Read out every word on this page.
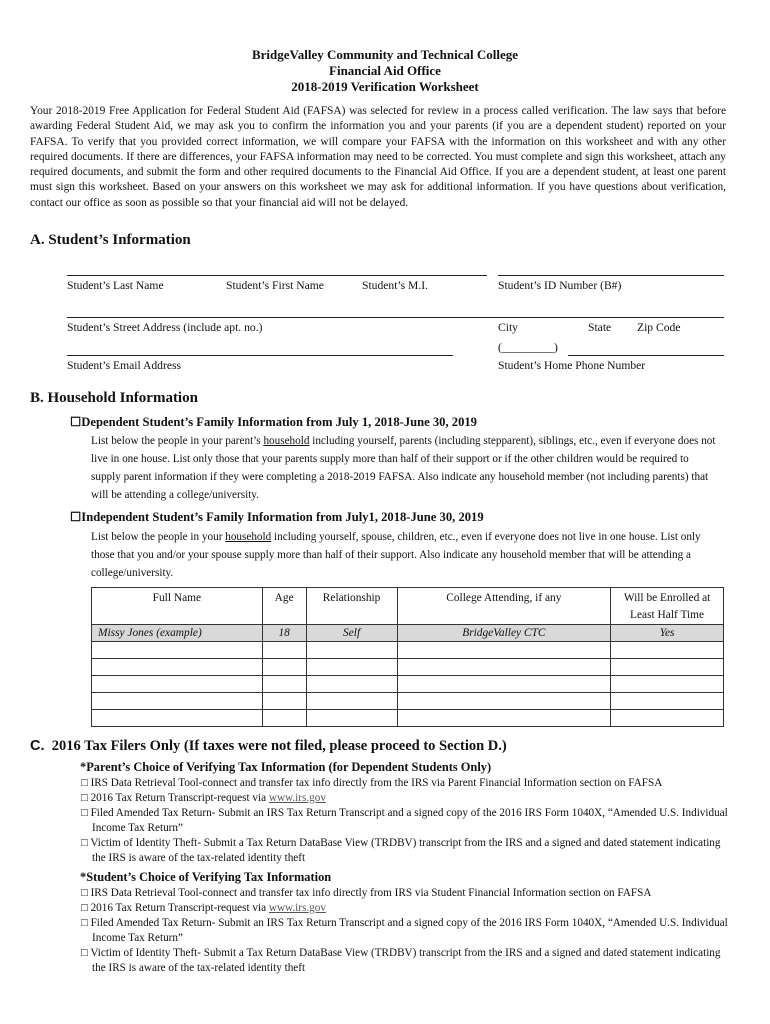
BridgeValley Community and Technical College
Financial Aid Office
2018-2019 Verification Worksheet
Your 2018-2019 Free Application for Federal Student Aid (FAFSA) was selected for review in a process called verification. The law says that before awarding Federal Student Aid, we may ask you to confirm the information you and your parents (if you are a dependent student) reported on your FAFSA. To verify that you provided correct information, we will compare your FAFSA with the information on this worksheet and with any other required documents. If there are differences, your FAFSA information may need to be corrected. You must complete and sign this worksheet, attach any required documents, and submit the form and other required documents to the Financial Aid Office. If you are a dependent student, at least one parent must sign this worksheet. Based on your answers on this worksheet we may ask for additional information. If you have questions about verification, contact our office as soon as possible so that your financial aid will not be delayed.
A. Student’s Information
Student’s Last Name	Student’s First Name	Student’s M.I.	Student’s ID Number (B#)
Student’s Street Address (include apt. no.)	City	State Zip Code
(_________)
Student’s Email Address	Student’s Home Phone Number
B. Household Information
☐Dependent Student’s Family Information from July 1, 2018-June 30, 2019
List below the people in your parent’s household including yourself, parents (including stepparent), siblings, etc., even if everyone does not live in one house. List only those that your parents supply more than half of their support or if the other children would be required to supply parent information if they were completing a 2018-2019 FAFSA. Also indicate any household member (not including parents) that will be attending a college/university.
☐Independent Student’s Family Information from July1, 2018-June 30, 2019
List below the people in your household including yourself, spouse, children, etc., even if everyone does not live in one house. List only those that you and/or your spouse supply more than half of their support. Also indicate any household member that will be attending a college/university.
Full Name	Age	Relationship	College Attending, if any	Will be Enrolled at Least Half Time
Missy Jones (example)	18	Self	BridgeValley CTC	Yes

C. 2016 Tax Filers Only (If taxes were not filed, please proceed to Section D.)
*Parent’s Choice of Verifying Tax Information (for Dependent Students Only)
□ IRS Data Retrieval Tool-connect and transfer tax info directly from the IRS via Parent Financial Information section on FAFSA
□ 2016 Tax Return Transcript-request via www.irs.gov
□ Filed Amended Tax Return- Submit an IRS Tax Return Transcript and a signed copy of the 2016 IRS Form 1040X, “Amended U.S. Individual Income Tax Return”
□ Victim of Identity Theft- Submit a Tax Return DataBase View (TRDBV) transcript from the IRS and a signed and dated statement indicating the IRS is aware of the tax-related identity theft
*Student’s Choice of Verifying Tax Information
□ IRS Data Retrieval Tool-connect and transfer tax info directly from IRS via Student Financial Information section on FAFSA
□ 2016 Tax Return Transcript-request via www.irs.gov
□ Filed Amended Tax Return- Submit an IRS Tax Return Transcript and a signed copy of the 2016 IRS Form 1040X, “Amended U.S. Individual Income Tax Return”
□ Victim of Identity Theft- Submit a Tax Return DataBase View (TRDBV) transcript from the IRS and a signed and dated statement indicating the IRS is aware of the tax-related identity theft
